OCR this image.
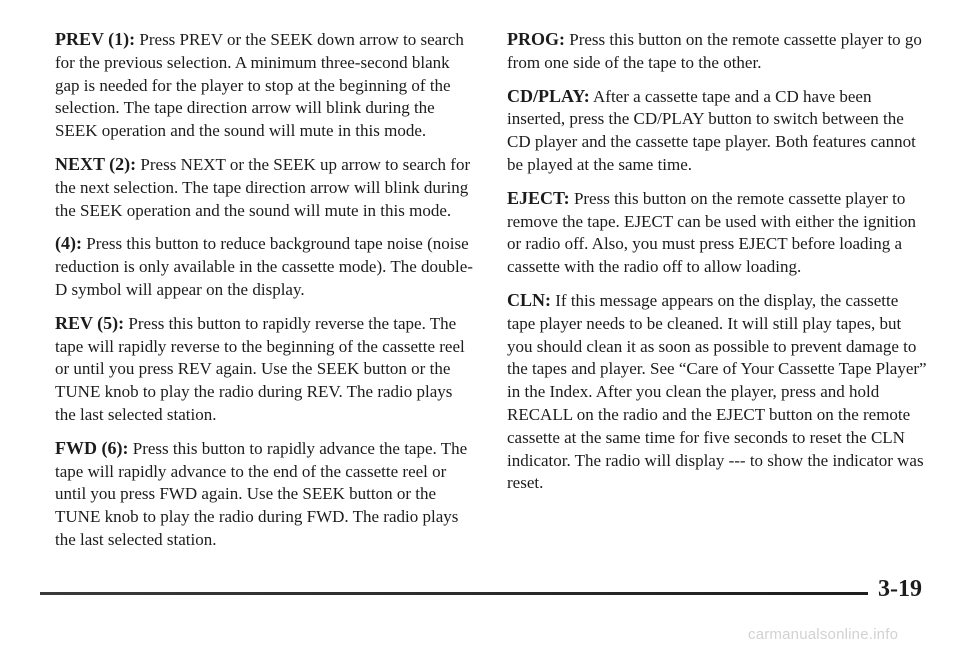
PREV (1): Press PREV or the SEEK down arrow to search for the previous selection. A minimum three-second blank gap is needed for the player to stop at the beginning of the selection. The tape direction arrow will blink during the SEEK operation and the sound will mute in this mode.

NEXT (2): Press NEXT or the SEEK up arrow to search for the next selection. The tape direction arrow will blink during the SEEK operation and the sound will mute in this mode.

(4): Press this button to reduce background tape noise (noise reduction is only available in the cassette mode). The double-D symbol will appear on the display.

REV (5): Press this button to rapidly reverse the tape. The tape will rapidly reverse to the beginning of the cassette reel or until you press REV again. Use the SEEK button or the TUNE knob to play the radio during REV. The radio plays the last selected station.

FWD (6): Press this button to rapidly advance the tape. The tape will rapidly advance to the end of the cassette reel or until you press FWD again. Use the SEEK button or the TUNE knob to play the radio during FWD. The radio plays the last selected station.

PROG: Press this button on the remote cassette player to go from one side of the tape to the other.

CD/PLAY: After a cassette tape and a CD have been inserted, press the CD/PLAY button to switch between the CD player and the cassette tape player. Both features cannot be played at the same time.

EJECT: Press this button on the remote cassette player to remove the tape. EJECT can be used with either the ignition or radio off. Also, you must press EJECT before loading a cassette with the radio off to allow loading.

CLN: If this message appears on the display, the cassette tape player needs to be cleaned. It will still play tapes, but you should clean it as soon as possible to prevent damage to the tapes and player. See “Care of Your Cassette Tape Player” in the Index. After you clean the player, press and hold RECALL on the radio and the EJECT button on the remote cassette at the same time for five seconds to reset the CLN indicator. The radio will display --- to show the indicator was reset.

3-19
carmanualsonline.info
